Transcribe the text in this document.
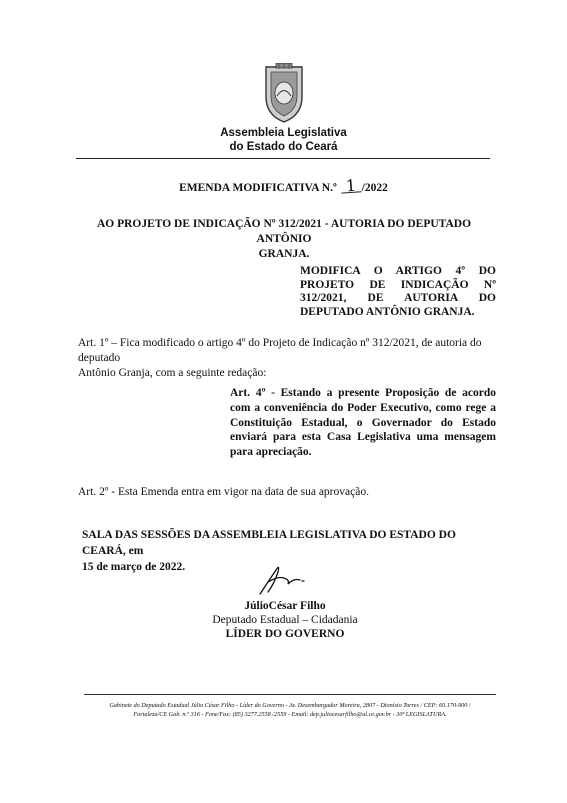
Assembleia Legislativa
do Estado do Ceará
EMENDA MODIFICATIVA N.º 1 /2022
AO PROJETO DE INDICAÇÃO Nº 312/2021 - AUTORIA DO DEPUTADO ANTÔNIO
GRANJA.
MODIFICA O ARTIGO 4º DO PROJETO DE INDICAÇÃO Nº 312/2021, DE AUTORIA DO DEPUTADO ANTÔNIO GRANJA.
Art. 1º – Fica modificado o artigo 4º do Projeto de Indicação nº 312/2021, de autoria do deputado
Antônio Granja, com a seguinte redação:
Art. 4º - Estando a presente Proposição de acordo com a conveniência do Poder Executivo, como rege a Constituição Estadual, o Governador do Estado enviará para esta Casa Legislativa uma mensagem para apreciação.
Art. 2º - Esta Emenda entra em vigor na data de sua aprovação.
SALA DAS SESSÕES DA ASSEMBLEIA LEGISLATIVA DO ESTADO DO CEARÁ, em
15 de março de 2022.
JúlioCésar Filho
Deputado Estadual – Cidadania
LÍDER DO GOVERNO
Gabinete do Deputado Estadual Júlio César Filho - Líder do Governo - Av. Desembargador Moreira, 2807 - Dionísio Torres / CEP: 60.170-900 /
Fortaleza/CE Gab. n.º 316 - Fone/Fax: (85) 3277.2558 /2559 - Email: dep.juliocesarfilho@al.ce.gov.br - 30ª LEGISLATURA.
